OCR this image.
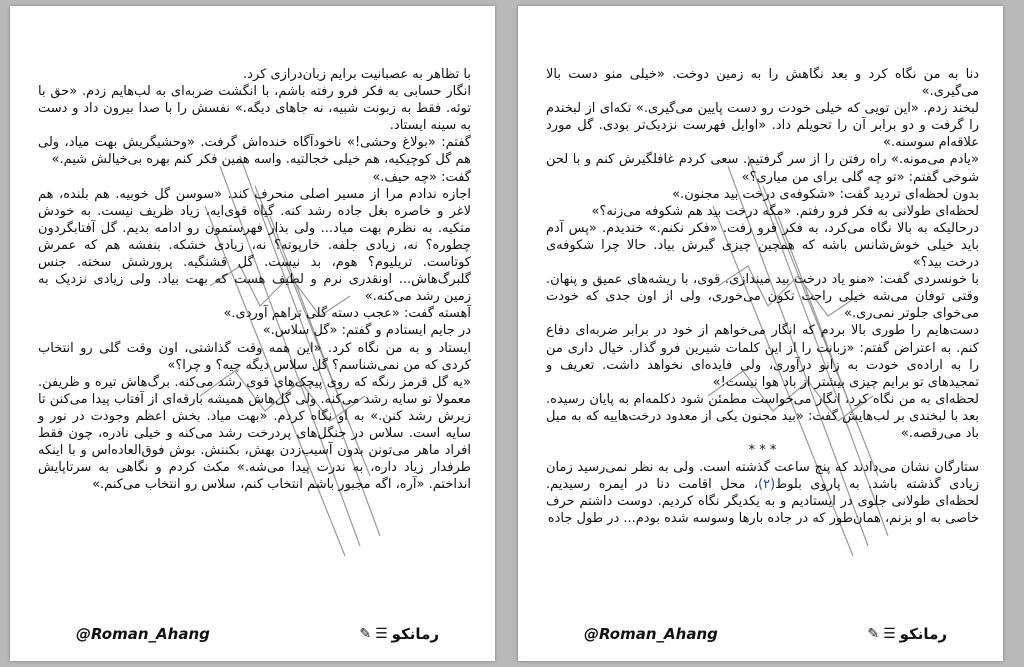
با تظاهر به عصبانیت برایم زبان‌درازی کرد.

انگار حسابی به فکر فرو رفته باشم، با انگشت ضربه‌ای به لب‌هایم زدم. «حق با توئه. فقط به زبونت شبیه، نه جاهای دیگه.» نفسش را با صدا بیرون داد و دست به سینه ایستاد.

گفتم: «بولاغ وحشی!» ناخودآگاه خنده‌اش گرفت. «وحشیگریش بهت میاد، ولی هم گل کوچیکیه، هم خیلی خجالتیه. واسه همین فکر کنم بهره بی‌خیالش شیم.»

گفت: «چه حیف.»

اجازه ندادم مرا از مسیر اصلی منحرف کند. «سوسن گل خوبیه. هم بلنده، هم لاغر و خاصره بغل جاده رشد کنه. گیاه قوی‌ایه، زیاد ظریف نیست. به خودش متکیه. به نظرم بهت میاد... ولی بذار فهرستمون رو ادامه بدیم. گل آفتابگردون چطوره؟ نه، زیادی جلفه. خارپوته؟ نه، زیادی خشکه. بنفشه هم که عمرش کوتاست. تریلیوم؟ هوم، بد نیست. گل قشنگیه. پرورشش سخته. جنس گلبرگ‌هاش... اونقدری نرم و لطیف هست که بهت بیاد. ولی زیادی نزدیک به زمین رشد می‌کنه.»

آهسته گفت: «عجب دسته گلی تراهم آوردی.»

در جایم ایستادم و گفتم: «گل سلاس.»

ایستاد و به من نگاه کرد. «این همه وقت گذاشتی، اون وقت گلی رو انتخاب کردی که من نمی‌شناسم؟ گل سلاس دیگه چیه؟ و چرا؟»

«یه گل قرمز رنگه که روی پیچک‌های قوی رشد می‌کنه. برگ‌هاش تیره و ظریفن. معمولا تو سایه رشد می‌کنه. ولی گل‌هاش همیشه بارقه‌ای از آفتاب پیدا می‌کنن تا زیرش رشد کنن.» به او نگاه کردم. «بهت میاد. بخش اعظم وجودت در نور و سایه است. سلاس در جنگل‌های پردرخت رشد می‌کنه و خیلی نادره، چون فقط افراد ماهر می‌تونن بدون آسیب‌زدن بهش، بکننش. بوش فوق‌العاده‌اس و با اینکه طرفدار زیاد داره، به ندرت پیدا می‌شه.» مکث کردم و نگاهی به سرتاپایش انداختم. «آره، اگه مجبور باشم انتخاب کنم، سلاس رو انتخاب می‌کنم.»

@Roman_Ahang	رمانکو
☰
✎

دنا به من نگاه کرد و بعد نگاهش را به زمین دوخت. «خیلی منو دست بالا می‌گیری.»

لبخند زدم. «این تویی که خیلی خودت رو دست پایین می‌گیری.» تکه‌ای از لبخندم را گرفت و دو برابر آن را تحویلم داد. «اوایل فهرست نزدیک‌تر بودی. گل مورد علاقه‌ام سوسنه.»

«یادم می‌مونه.» راه رفتن را از سر گرفتیم. سعی کردم غافلگیرش کنم و با لحن شوخی گفتم: «تو چه گلی برای من میاری؟»

بدون لحظه‌ای تردید گفت: «شکوفه‌ی درخت بید مجنون.»

لحظه‌ای طولانی به فکر فرو رفتم. «مگه درخت بید هم شکوفه می‌زنه؟»

درحالیکه به بالا نگاه می‌کرد، به فکر فرو رفت. «فکر نکنم.» خندیدم. «پس آدم باید خیلی خوش‌شانس باشه که همچین چیزی گیرش بیاد. حالا چرا شکوفه‌ی درخت بید؟»

با خونسردی گفت: «منو یاد درخت بید میندازی. قوی، با ریشه‌های عمیق و پنهان. وقتی توفان می‌شه خیلی راحت تکون می‌خوری، ولی از اون جدی که خودت می‌خوای جلوتر نمی‌ری.»

دست‌هایم را طوری بالا بردم که انگار می‌خواهم از خود در برابر ضربه‌ای دفاع کنم. به اعتراض گفتم: «زبانت را از این کلمات شیرین فرو گذار. خیال داری من را به اراده‌ی خودت به زانو درآوری، ولی فایده‌ای نخواهد داشت. تعریف و تمجیدهای تو برایم چیزی بیشتر از باد هوا نیست!»

لحظه‌ای به من نگاه کرد، انگار می‌خواست مطمئن شود دکلمه‌ام به پایان رسیده. بعد با لبخندی بر لب‌هایش گفت: «بید مجنون یکی از معدود درخت‌هاییه که به میل باد می‌رقصه.»

* * *

ستارگان نشان می‌دادند که پنج ساعت گذشته است. ولی به نظر نمی‌رسید زمان زیادی گذشته باشد. به پاروی بلوط(۲)، محل اقامت دنا در ایمره رسیدیم. لحظه‌ای طولانی جلوی در ایستادیم و به یکدیگر نگاه کردیم. دوست داشتم حرف خاصی به او بزنم، همان‌طور که در جاده بارها وسوسه شده بودم... در طول جاده

@Roman_Ahang	رمانکو
☰
✎
